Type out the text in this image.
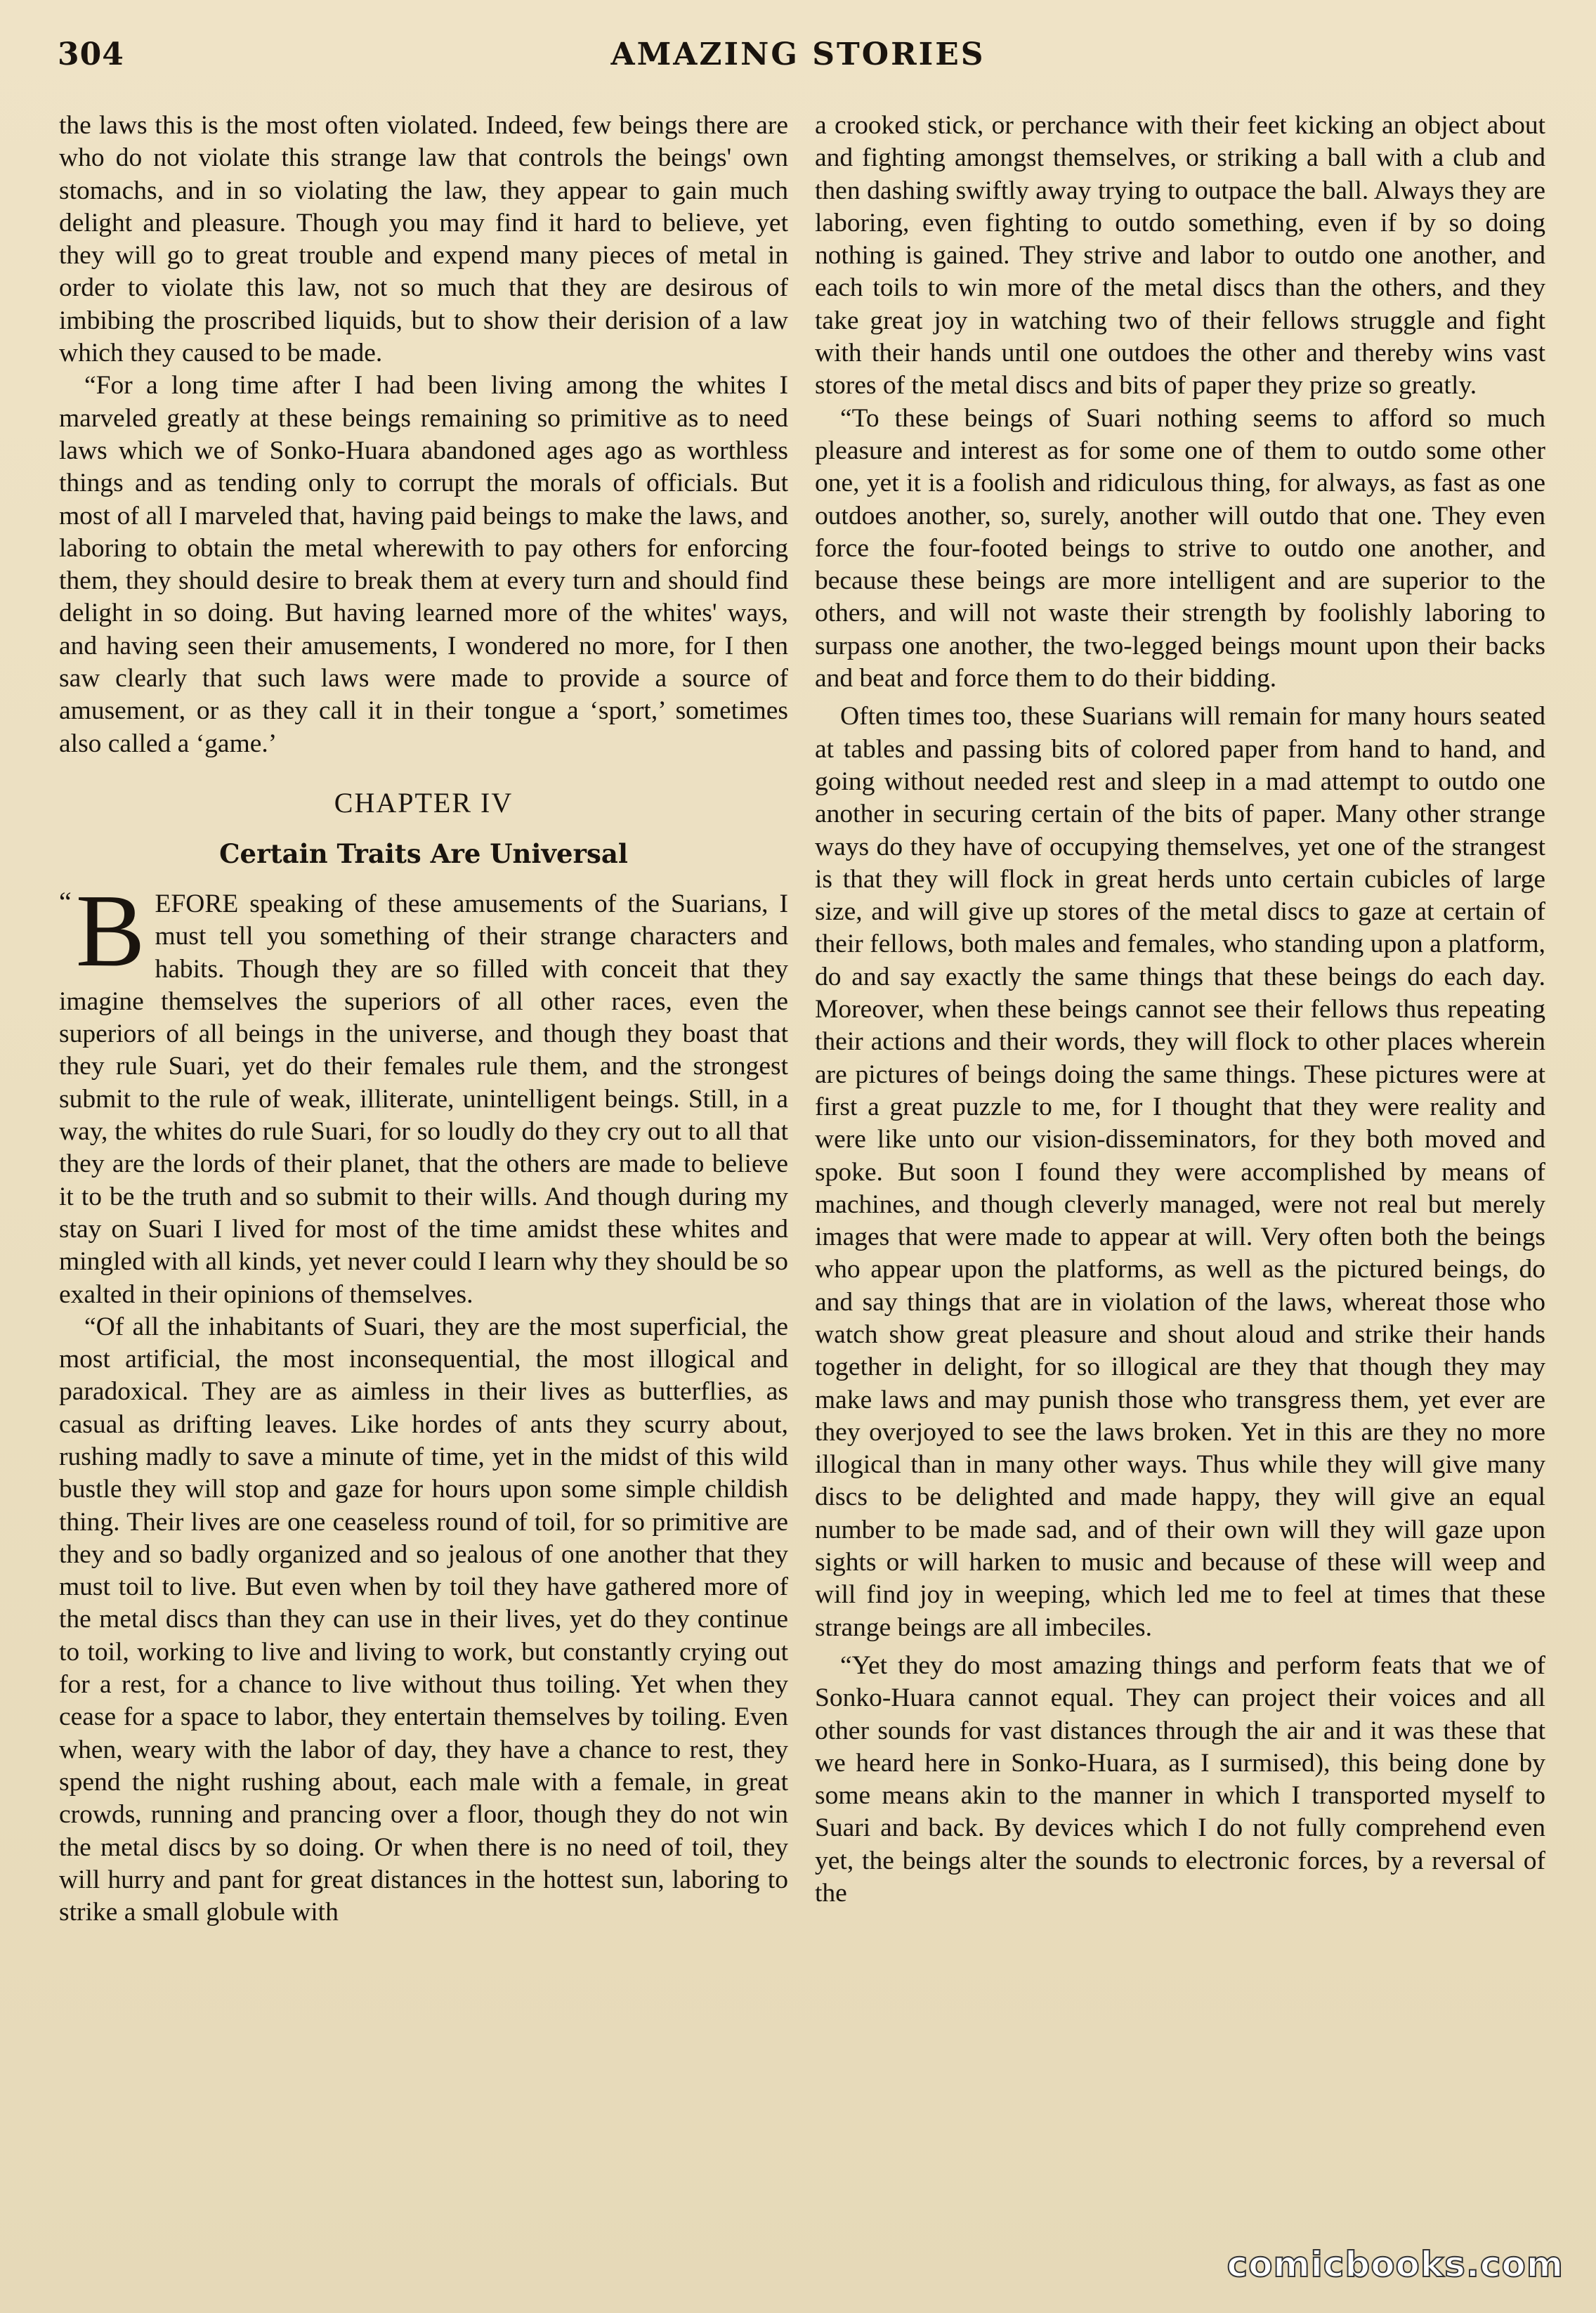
304	AMAZING STORIES

the laws this is the most often violated. Indeed, few beings there are who do not violate this strange law that controls the beings' own stomachs, and in so violating the law, they appear to gain much delight and pleasure. Though you may find it hard to believe, yet they will go to great trouble and expend many pieces of metal in order to violate this law, not so much that they are desirous of imbibing the proscribed liquids, but to show their derision of a law which they caused to be made.

“For a long time after I had been living among the whites I marveled greatly at these beings remaining so primitive as to need laws which we of Sonko-Huara abandoned ages ago as worthless things and as tending only to corrupt the morals of officials. But most of all I marveled that, having paid beings to make the laws, and laboring to obtain the metal wherewith to pay others for enforcing them, they should desire to break them at every turn and should find delight in so doing. But having learned more of the whites' ways, and having seen their amusements, I wondered no more, for I then saw clearly that such laws were made to provide a source of amusement, or as they call it in their tongue a ‘sport,’ sometimes also called a ‘game.’

CHAPTER IV
Certain Traits Are Universal

“ B EFORE speaking of these amusements of the Suarians, I must tell you something of their strange characters and habits. Though they are so filled with conceit that they imagine themselves the superiors of all other races, even the superiors of all beings in the universe, and though they boast that they rule Suari, yet do their females rule them, and the strongest submit to the rule of weak, illiterate, unintelligent beings. Still, in a way, the whites do rule Suari, for so loudly do they cry out to all that they are the lords of their planet, that the others are made to believe it to be the truth and so submit to their wills. And though during my stay on Suari I lived for most of the time amidst these whites and mingled with all kinds, yet never could I learn why they should be so exalted in their opinions of themselves.

“Of all the inhabitants of Suari, they are the most superficial, the most artificial, the most inconsequential, the most illogical and paradoxical. They are as aimless in their lives as butterflies, as casual as drifting leaves. Like hordes of ants they scurry about, rushing madly to save a minute of time, yet in the midst of this wild bustle they will stop and gaze for hours upon some simple childish thing. Their lives are one ceaseless round of toil, for so primitive are they and so badly organized and so jealous of one another that they must toil to live. But even when by toil they have gathered more of the metal discs than they can use in their lives, yet do they continue to toil, working to live and living to work, but constantly crying out for a rest, for a chance to live without thus toiling. Yet when they cease for a space to labor, they entertain themselves by toiling. Even when, weary with the labor of day, they have a chance to rest, they spend the night rushing about, each male with a female, in great crowds, running and prancing over a floor, though they do not win the metal discs by so doing. Or when there is no need of toil, they will hurry and pant for great distances in the hottest sun, laboring to strike a small globule with

a crooked stick, or perchance with their feet kicking an object about and fighting amongst themselves, or striking a ball with a club and then dashing swiftly away trying to outpace the ball. Always they are laboring, even fighting to outdo something, even if by so doing nothing is gained. They strive and labor to outdo one another, and each toils to win more of the metal discs than the others, and they take great joy in watching two of their fellows struggle and fight with their hands until one outdoes the other and thereby wins vast stores of the metal discs and bits of paper they prize so greatly.

“To these beings of Suari nothing seems to afford so much pleasure and interest as for some one of them to outdo some other one, yet it is a foolish and ridiculous thing, for always, as fast as one outdoes another, so, surely, another will outdo that one. They even force the four-footed beings to strive to outdo one another, and because these beings are more intelligent and are superior to the others, and will not waste their strength by foolishly laboring to surpass one another, the two-legged beings mount upon their backs and beat and force them to do their bidding.

Often times too, these Suarians will remain for many hours seated at tables and passing bits of colored paper from hand to hand, and going without needed rest and sleep in a mad attempt to outdo one another in securing certain of the bits of paper. Many other strange ways do they have of occupying themselves, yet one of the strangest is that they will flock in great herds unto certain cubicles of large size, and will give up stores of the metal discs to gaze at certain of their fellows, both males and females, who standing upon a platform, do and say exactly the same things that these beings do each day. Moreover, when these beings cannot see their fellows thus repeating their actions and their words, they will flock to other places wherein are pictures of beings doing the same things. These pictures were at first a great puzzle to me, for I thought that they were reality and were like unto our vision-disseminators, for they both moved and spoke. But soon I found they were accomplished by means of machines, and though cleverly managed, were not real but merely images that were made to appear at will. Very often both the beings who appear upon the platforms, as well as the pictured beings, do and say things that are in violation of the laws, whereat those who watch show great pleasure and shout aloud and strike their hands together in delight, for so illogical are they that though they may make laws and may punish those who transgress them, yet ever are they overjoyed to see the laws broken. Yet in this are they no more illogical than in many other ways. Thus while they will give many discs to be delighted and made happy, they will give an equal number to be made sad, and of their own will they will gaze upon sights or will harken to music and because of these will weep and will find joy in weeping, which led me to feel at times that these strange beings are all imbeciles.

“Yet they do most amazing things and perform feats that we of Sonko-Huara cannot equal. They can project their voices and all other sounds for vast distances through the air and it was these that we heard here in Sonko-Huara, as I surmised), this being done by some means akin to the manner in which I transported myself to Suari and back. By devices which I do not fully comprehend even yet, the beings alter the sounds to electronic forces, by a reversal of the

comicbooks.com
